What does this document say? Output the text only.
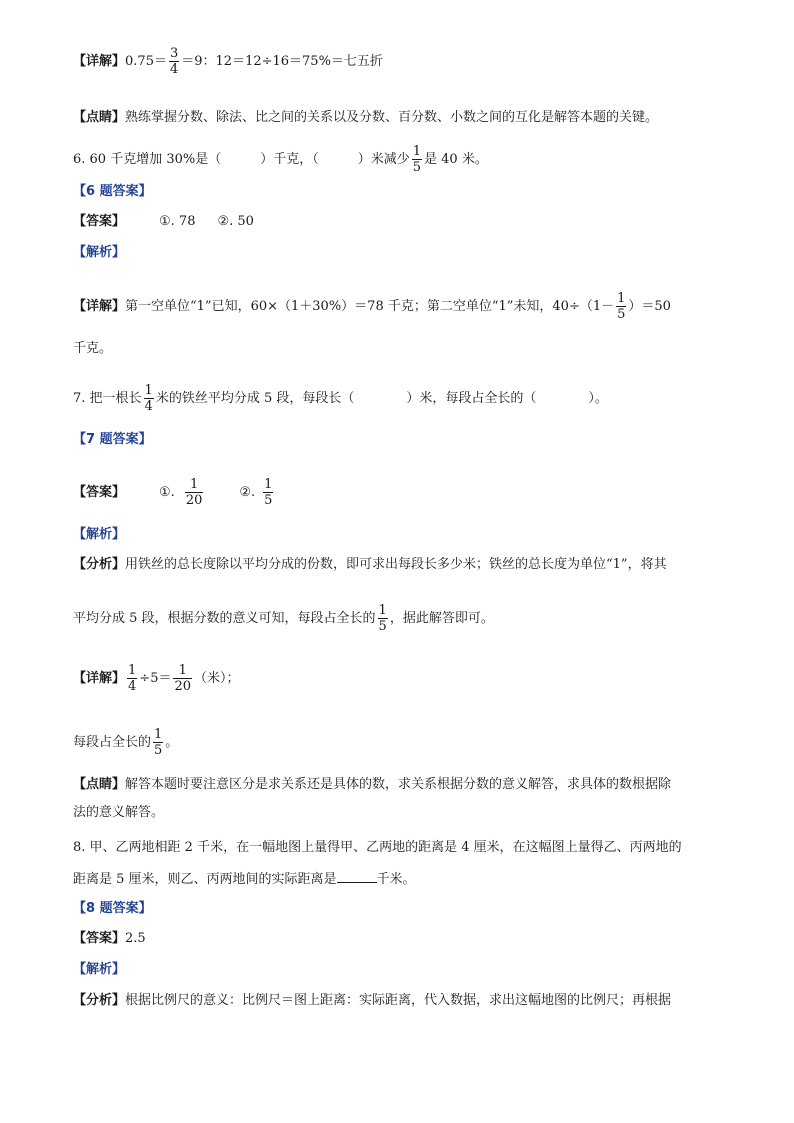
【详解】$0.75= \frac{3}{4} =9$：12＝12÷16＝75%＝七五折
【点睛】熟练掌握分数、除法、比之间的关系以及分数、百分数、小数之间的互化是解答本题的关键。
6. 60 千克增加 30%是（　　　）千克，（　　　）米减少 $\frac{1}{5}$ 是 40 米。
【6 题答案】
【答案】	①. 78 ②. 50
【解析】
【详解】第一空单位“1”已知，60×（1＋30%）＝78 千克；第二空单位“1”未知，$40\div(1- \frac{1}{5} )=50$
千克。
7. 把一根长 $\frac{1}{4}$ 米的铁丝平均分成 5 段，每段长（　　　　）米，每段占全长的（　　　　）。
【7 题答案】
【答案】	①. $\frac{1}{20}$	②. $\frac{1}{5}$
【解析】
【分析】用铁丝的总长度除以平均分成的份数，即可求出每段长多少米；铁丝的总长度为单位“1”，将其
平均分成 5 段，根据分数的意义可知，每段占全长的 $\frac{1}{5}$ ，据此解答即可。
【详解】 $\frac{1}{4} \div 5= \frac{1}{20}$ （米）；
每段占全长的 $\frac{1}{5}$ 。
【点睛】解答本题时要注意区分是求关系还是具体的数，求关系根据分数的意义解答，求具体的数根据除
法的意义解答。
8. 甲、乙两地相距 2 千米，在一幅地图上量得甲、乙两地的距离是 4 厘米，在这幅图上量得乙、丙两地的
距离是 5 厘米，则乙、丙两地间的实际距离是	千米。
【8 题答案】
【答案】2.5
【解析】
【分析】根据比例尺的意义：比例尺＝图上距离：实际距离，代入数据，求出这幅地图的比例尺；再根据
